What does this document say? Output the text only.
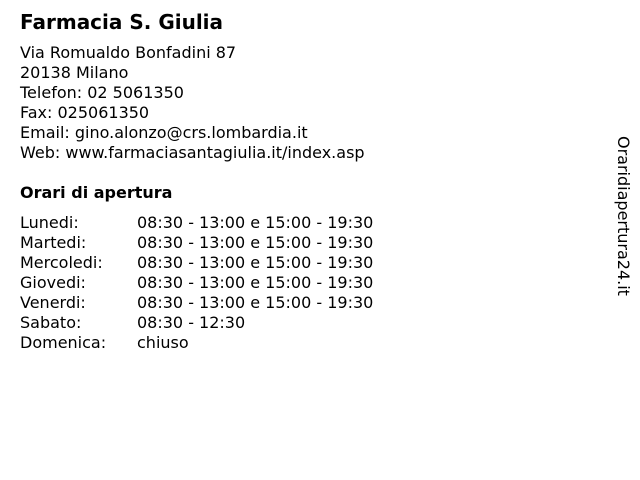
Farmacia S. Giulia
Via Romualdo Bonfadini 87
20138 Milano
Telefon: 02 5061350
Fax: 025061350
Email: gino.alonzo@crs.lombardia.it
Web: www.farmaciasantagiulia.it/index.asp
Orari di apertura
Lunedi:	08:30 - 13:00 e 15:00 - 19:30
Martedi:	08:30 - 13:00 e 15:00 - 19:30
Mercoledi:	08:30 - 13:00 e 15:00 - 19:30
Giovedi:	08:30 - 13:00 e 15:00 - 19:30
Venerdi:	08:30 - 13:00 e 15:00 - 19:30
Sabato:	08:30 - 12:30
Domenica:	chiuso
Oraridiapertura24.it
